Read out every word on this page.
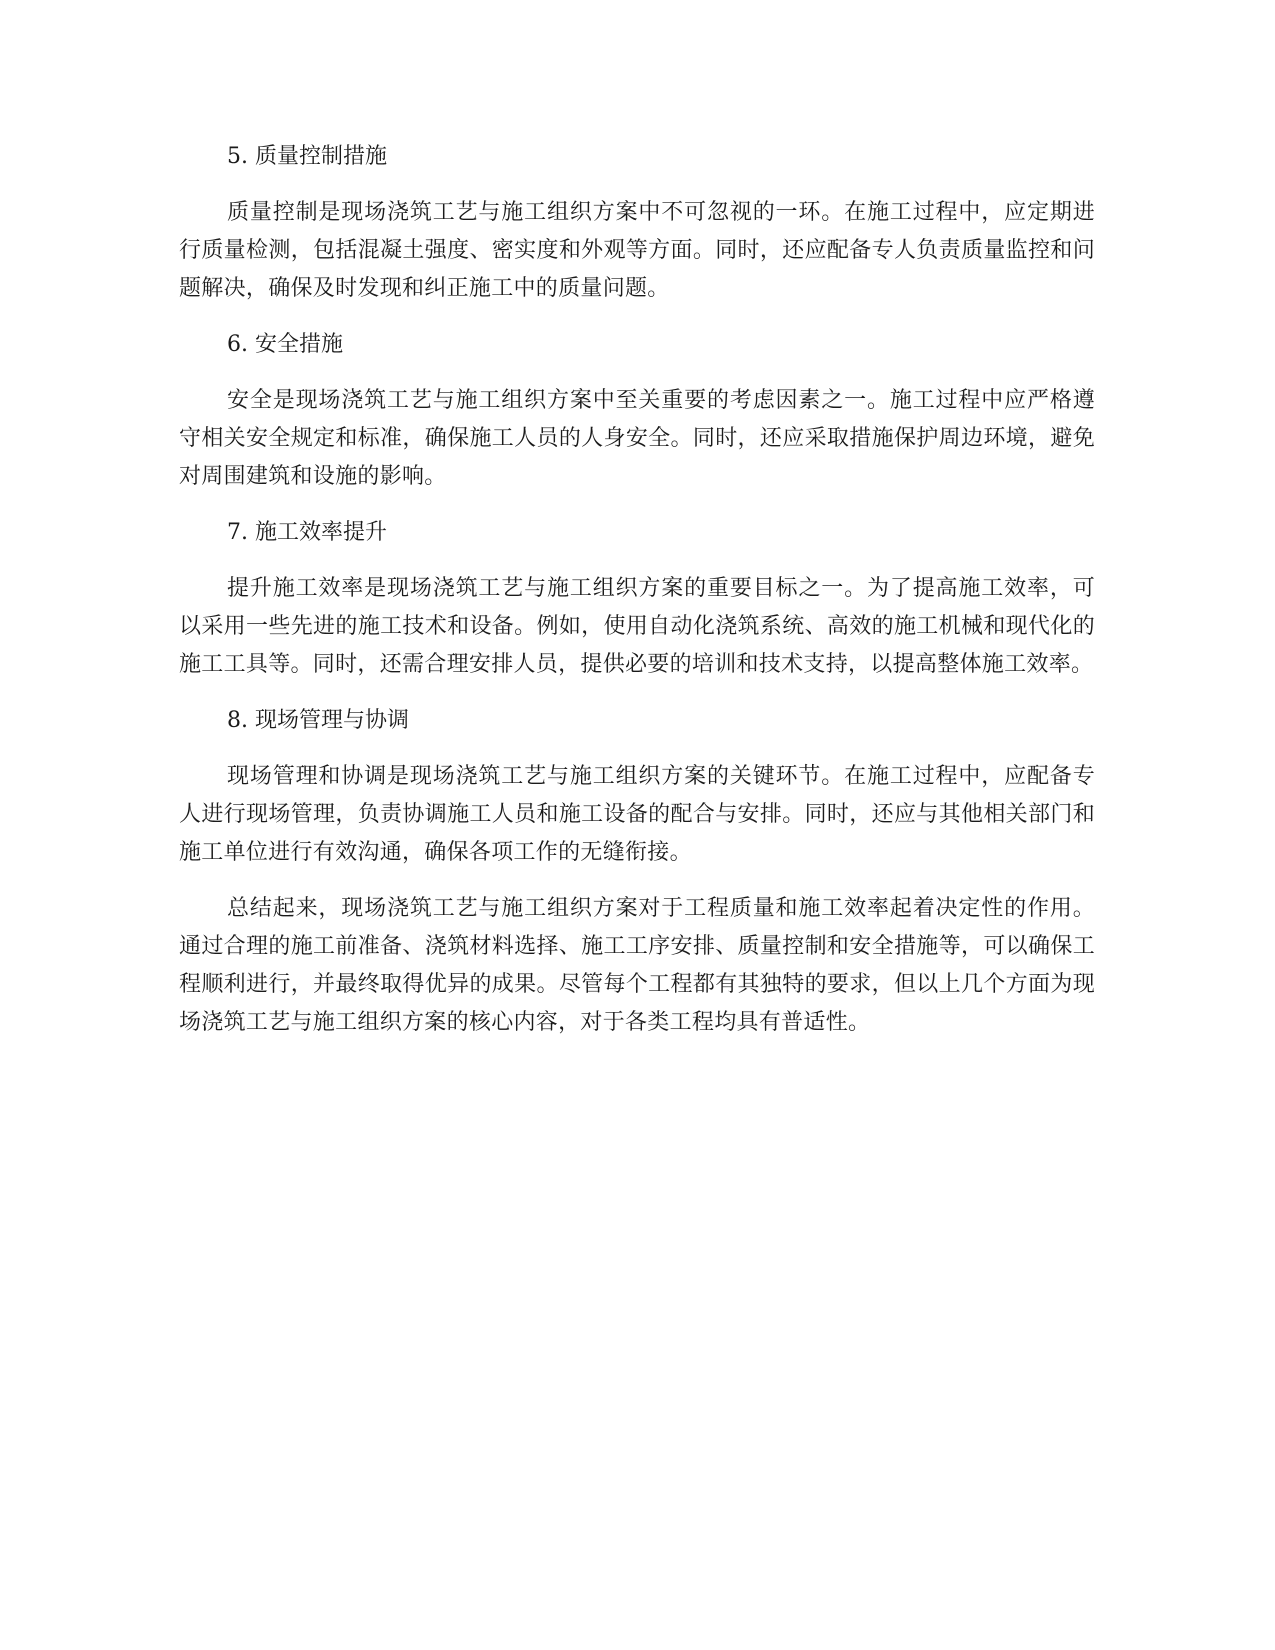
5. 质量控制措施

质量控制是现场浇筑工艺与施工组织方案中不可忽视的一环。在施工过程中，应定期进行质量检测，包括混凝土强度、密实度和外观等方面。同时，还应配备专人负责质量监控和问题解决，确保及时发现和纠正施工中的质量问题。

6. 安全措施

安全是现场浇筑工艺与施工组织方案中至关重要的考虑因素之一。施工过程中应严格遵守相关安全规定和标准，确保施工人员的人身安全。同时，还应采取措施保护周边环境，避免对周围建筑和设施的影响。

7. 施工效率提升

提升施工效率是现场浇筑工艺与施工组织方案的重要目标之一。为了提高施工效率，可以采用一些先进的施工技术和设备。例如，使用自动化浇筑系统、高效的施工机械和现代化的施工工具等。同时，还需合理安排人员，提供必要的培训和技术支持，以提高整体施工效率。

8. 现场管理与协调

现场管理和协调是现场浇筑工艺与施工组织方案的关键环节。在施工过程中，应配备专人进行现场管理，负责协调施工人员和施工设备的配合与安排。同时，还应与其他相关部门和施工单位进行有效沟通，确保各项工作的无缝衔接。

总结起来，现场浇筑工艺与施工组织方案对于工程质量和施工效率起着决定性的作用。通过合理的施工前准备、浇筑材料选择、施工工序安排、质量控制和安全措施等，可以确保工程顺利进行，并最终取得优异的成果。尽管每个工程都有其独特的要求，但以上几个方面为现场浇筑工艺与施工组织方案的核心内容，对于各类工程均具有普适性。
